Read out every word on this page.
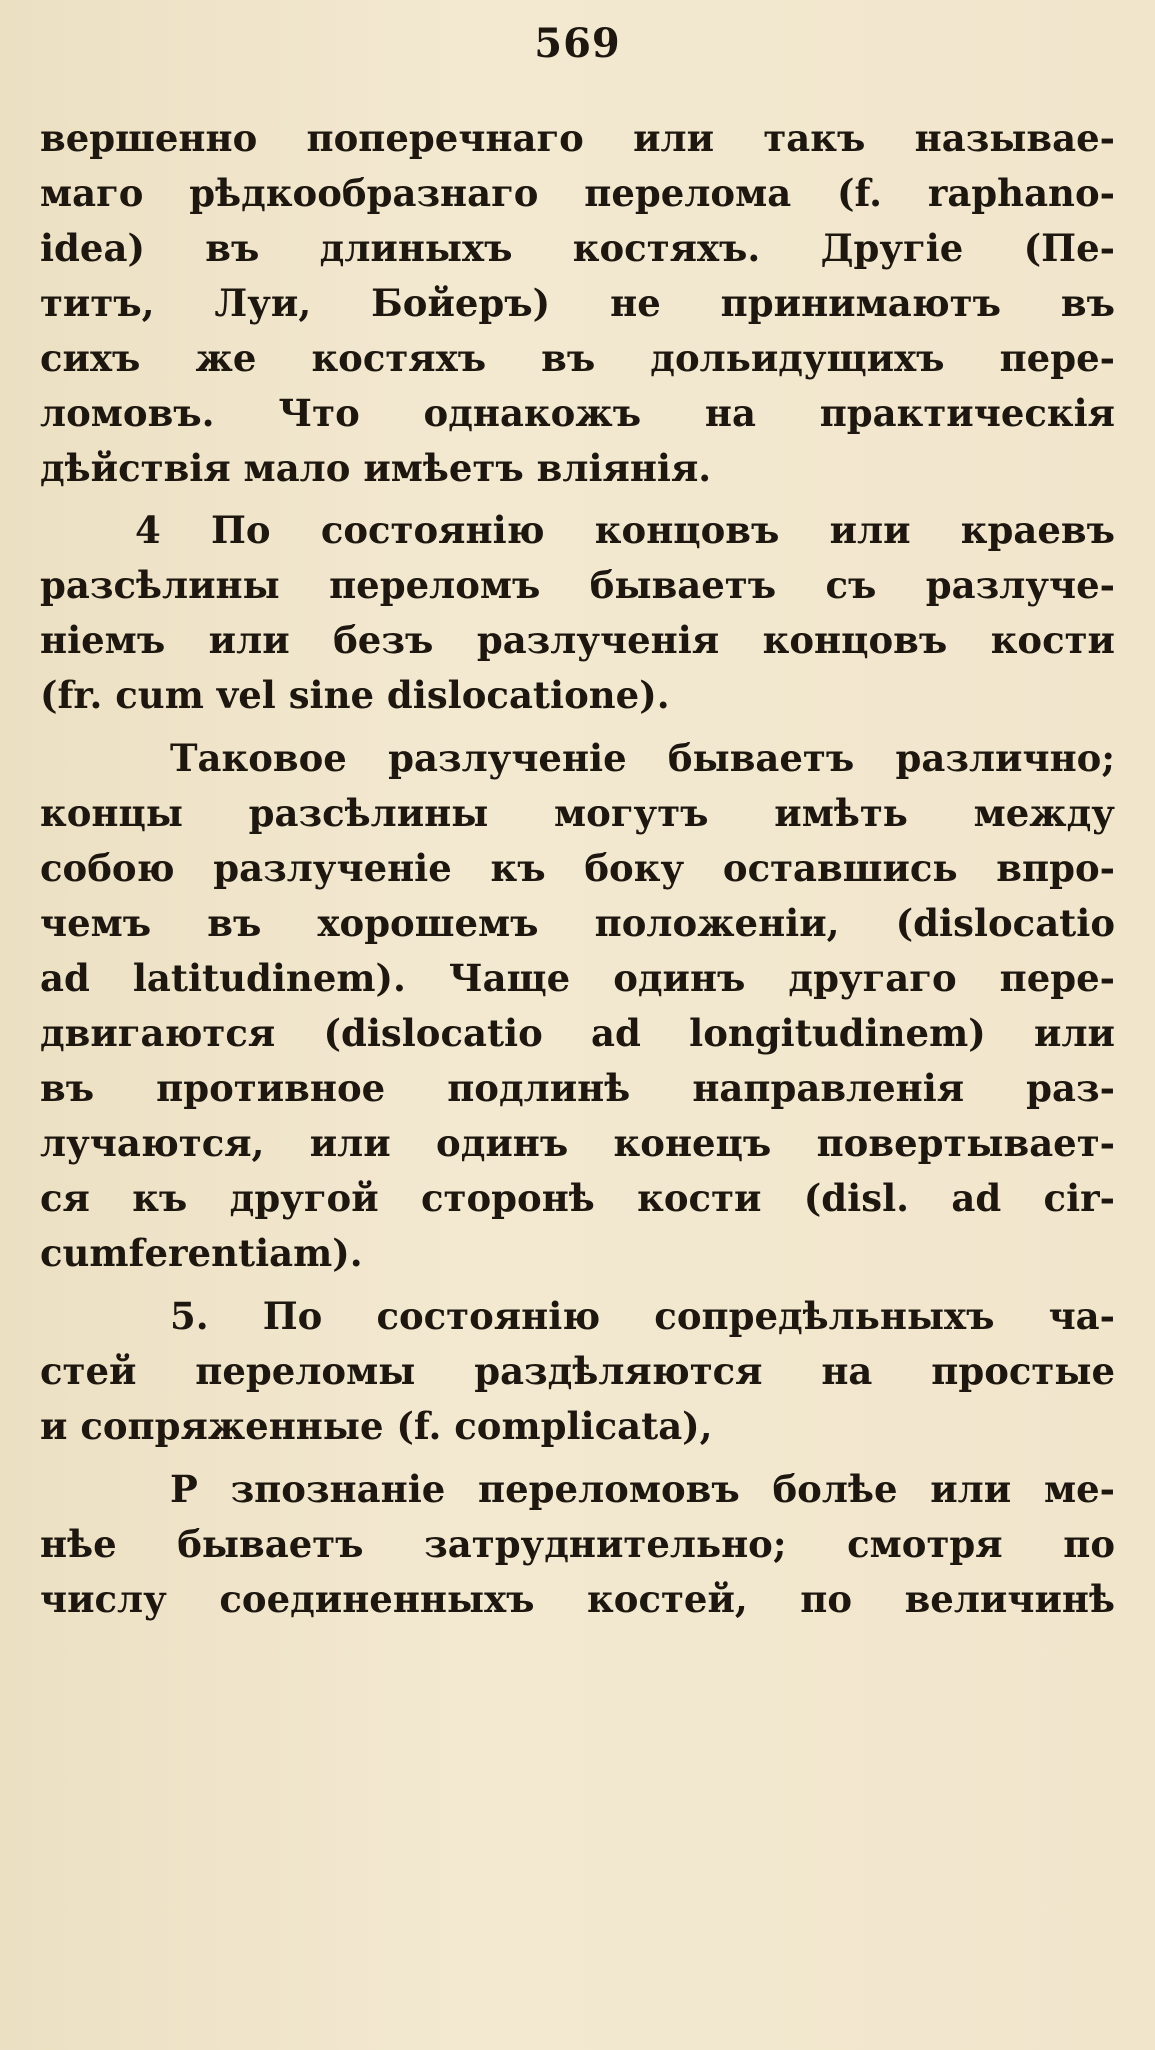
569
вершенно поперечнаго или такъ называе-
маго рѣдкообразнаго перелома (f. raphano-
idea) въ длиныхъ костяхъ. Другіе (Пе-
титъ, Луи, Бойеръ) не принимаютъ въ
сихъ же костяхъ въ дольидущихъ пере-
ломовъ. Что однакожъ на практическія
дѣйствія мало имѣетъ вліянія.
4 По состоянію концовъ или краевъ
разсѣлины переломъ бываетъ съ разлуче-
ніемъ или безъ разлученія концовъ кости
(fr. cum vel sine dislocatione).
Таковое разлученіе бываетъ различно;
концы разсѣлины могутъ имѣть между
собою разлученіе къ боку оставшись впро-
чемъ въ хорошемъ положеніи, (dislocatio
ad latitudinem). Чаще одинъ другаго пере-
двигаются (dislocatio ad longitudinem) или
въ противное подлинѣ направленія раз-
лучаются, или одинъ конецъ повертывает-
ся къ другой сторонѣ кости (disl. ad cir-
cumferentiam).
5. По состоянію сопредѣльныхъ ча-
стей переломы раздѣляются на простые
и сопряженные (f. complicata),
Р зпознаніе переломовъ болѣе или ме-
нѣе бываетъ затруднительно; смотря по
числу соединенныхъ костей, по величинѣ
